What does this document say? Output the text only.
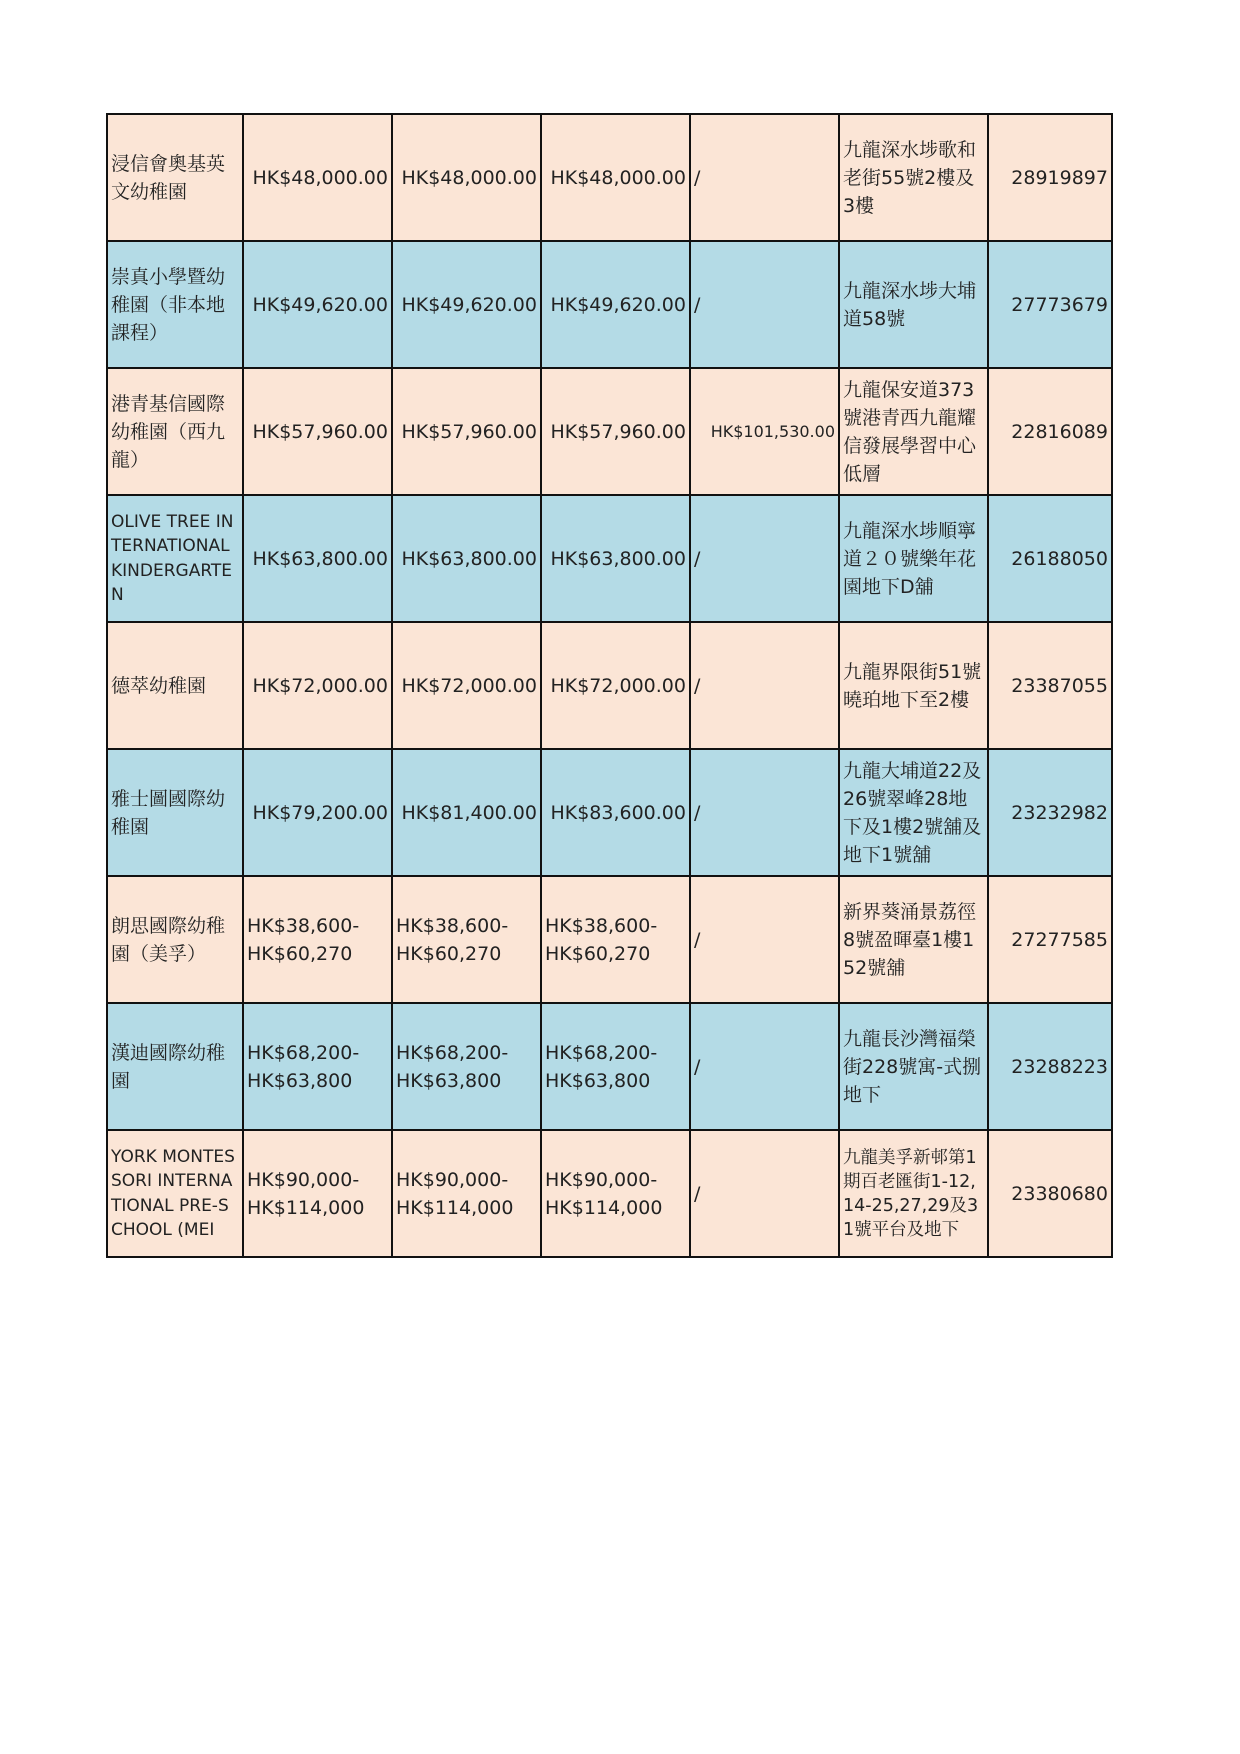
浸信會奧基英文幼稚園	HK$48,000.00	HK$48,000.00	HK$48,000.00	/	九龍深水埗歌和老街55號2樓及3樓	28919897
崇真小學暨幼稚園（非本地課程）	HK$49,620.00	HK$49,620.00	HK$49,620.00	/	九龍深水埗大埔道58號	27773679
港青基信國際幼稚園（西九龍）	HK$57,960.00	HK$57,960.00	HK$57,960.00	HK$101,530.00	九龍保安道373號港青西九龍耀信發展學習中心低層	22816089
OLIVE TREE INTERNATIONAL KINDERGARTEN	HK$63,800.00	HK$63,800.00	HK$63,800.00	/	九龍深水埗順寧道２０號樂年花園地下D舖	26188050
德萃幼稚園	HK$72,000.00	HK$72,000.00	HK$72,000.00	/	九龍界限街51號曉珀地下至2樓	23387055
雅士圖國際幼稚園	HK$79,200.00	HK$81,400.00	HK$83,600.00	/	九龍大埔道22及26號翠峰28地下及1樓2號舖及地下1號舖	23232982
朗思國際幼稚園（美孚）	HK$38,600-HK$60,270	HK$38,600-HK$60,270	HK$38,600-HK$60,270	/	新界葵涌景荔徑8號盈暉臺1樓152號舖	27277585
漢迪國際幼稚園	HK$68,200-HK$63,800	HK$68,200-HK$63,800	HK$68,200-HK$63,800	/	九龍長沙灣福榮街228號寓-式捌地下	23288223
YORK MONTESSORI INTERNATIONAL PRE-SCHOOL (MEI	HK$90,000-HK$114,000	HK$90,000-HK$114,000	HK$90,000-HK$114,000	/	九龍美孚新邨第1期百老匯街1-12,14-25,27,29及31號平台及地下	23380680
